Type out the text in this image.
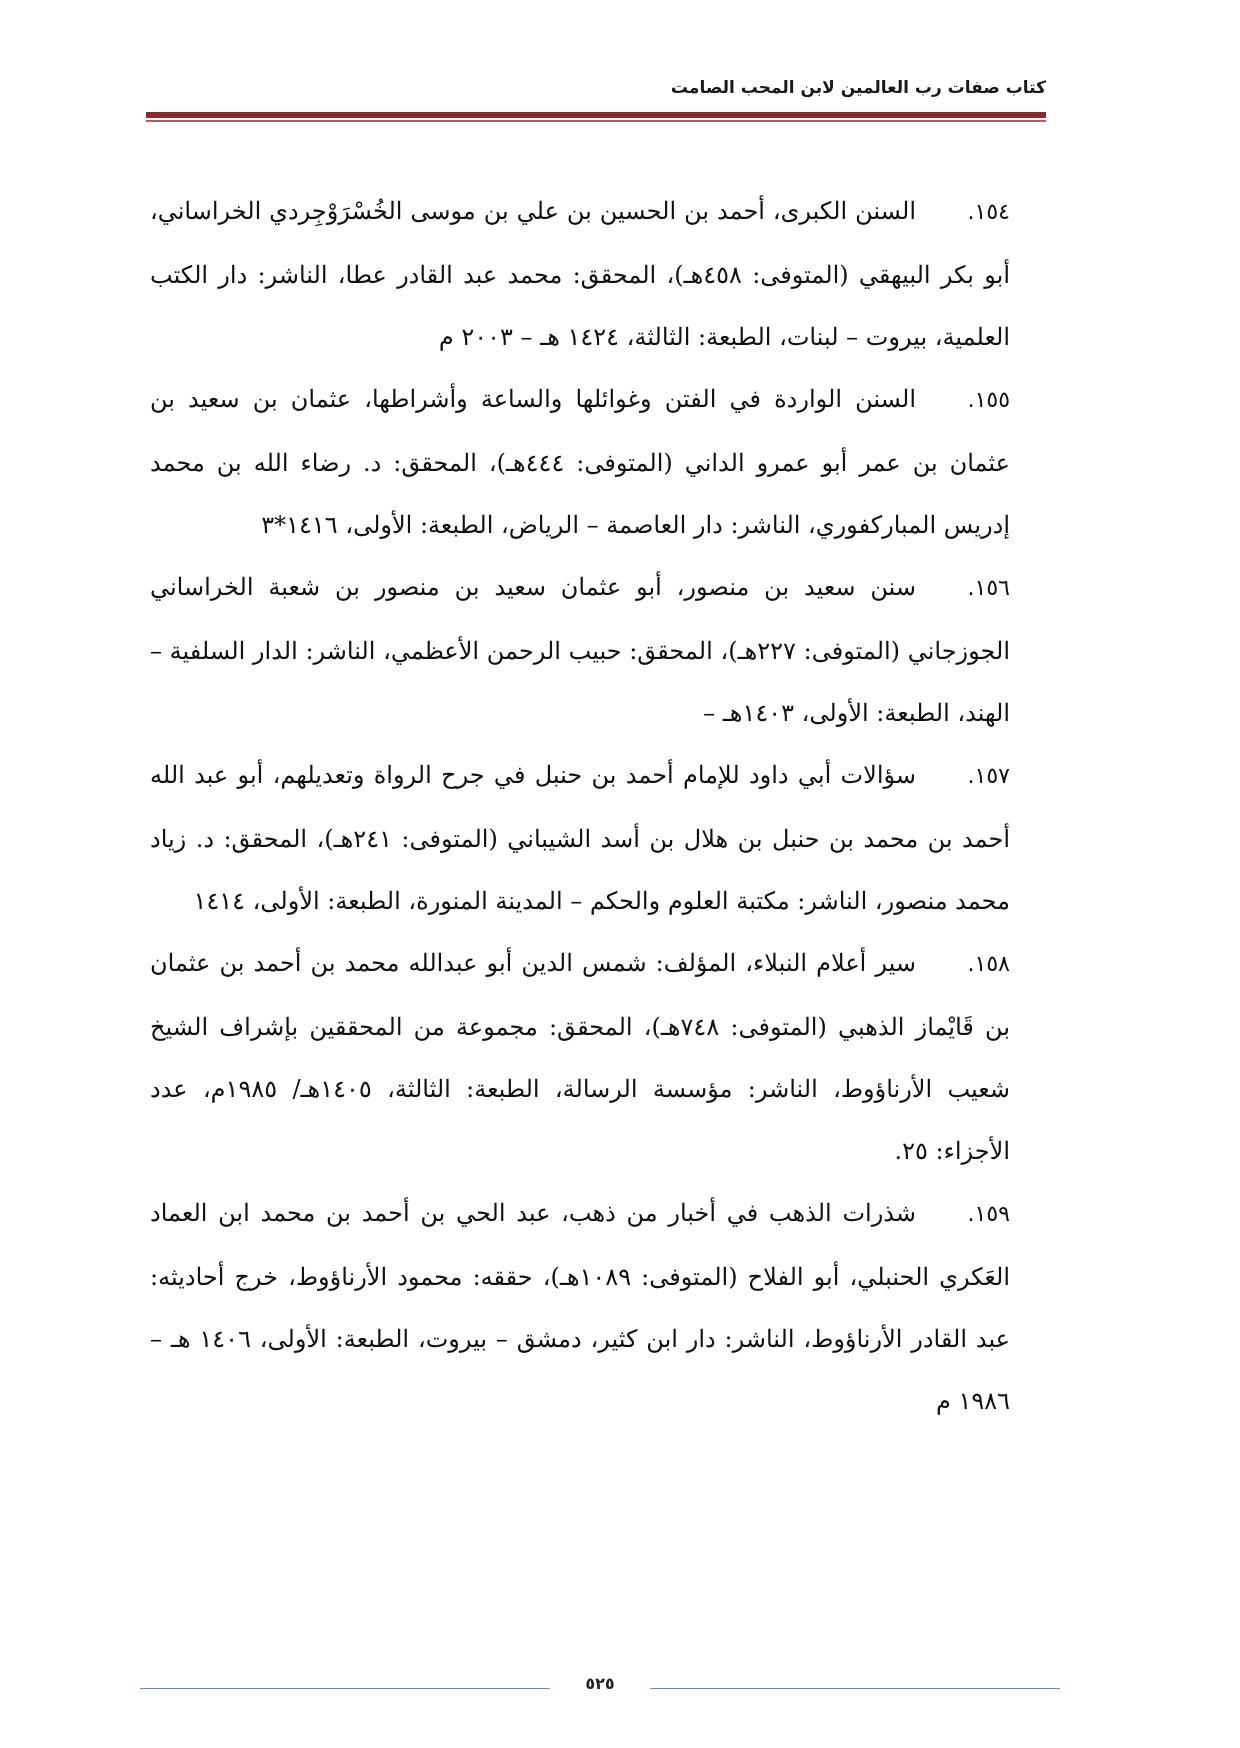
كتاب صفات رب العالمين لابن المحب الصامت
١٥٤.السنن الكبرى، أحمد بن الحسين بن علي بن موسى الخُسْرَوْجِردي الخراساني، أبو بكر البيهقي (المتوفى: ٤٥٨هـ)، المحقق: محمد عبد القادر عطا، الناشر: دار الكتب العلمية، بيروت – لبنات، الطبعة: الثالثة، ١٤٢٤ هـ – ٢٠٠٣ م
١٥٥.السنن الواردة في الفتن وغوائلها والساعة وأشراطها، عثمان بن سعيد بن عثمان بن عمر أبو عمرو الداني (المتوفى: ٤٤٤هـ)، المحقق: د. رضاء الله بن محمد إدريس المباركفوري، الناشر: دار العاصمة – الرياض، الطبعة: الأولى، ١٤١٦*٣
١٥٦.سنن سعيد بن منصور، أبو عثمان سعيد بن منصور بن شعبة الخراساني الجوزجاني (المتوفى: ٢٢٧هـ)، المحقق: حبيب الرحمن الأعظمي، الناشر: الدار السلفية – الهند، الطبعة: الأولى، ١٤٠٣هـ –
١٥٧.سؤالات أبي داود للإمام أحمد بن حنبل في جرح الرواة وتعديلهم، أبو عبد الله أحمد بن محمد بن حنبل بن هلال بن أسد الشيباني (المتوفى: ٢٤١هـ)، المحقق: د. زياد محمد منصور، الناشر: مكتبة العلوم والحكم – المدينة المنورة، الطبعة: الأولى، ١٤١٤
١٥٨.سير أعلام النبلاء، المؤلف: شمس الدين أبو عبدالله محمد بن أحمد بن عثمان بن قَايْماز الذهبي (المتوفى: ٧٤٨هـ)، المحقق: مجموعة من المحققين بإشراف الشيخ شعيب الأرناؤوط، الناشر: مؤسسة الرسالة، الطبعة: الثالثة، ١٤٠٥هـ/ ١٩٨٥م، عدد الأجزاء: ٢٥.
١٥٩.شذرات الذهب في أخبار من ذهب، عبد الحي بن أحمد بن محمد ابن العماد العَكري الحنبلي، أبو الفلاح (المتوفى: ١٠٨٩هـ)، حققه: محمود الأرناؤوط، خرج أحاديثه: عبد القادر الأرناؤوط، الناشر: دار ابن كثير، دمشق – بيروت، الطبعة: الأولى، ١٤٠٦ هـ – ١٩٨٦ م
٥٢٥
